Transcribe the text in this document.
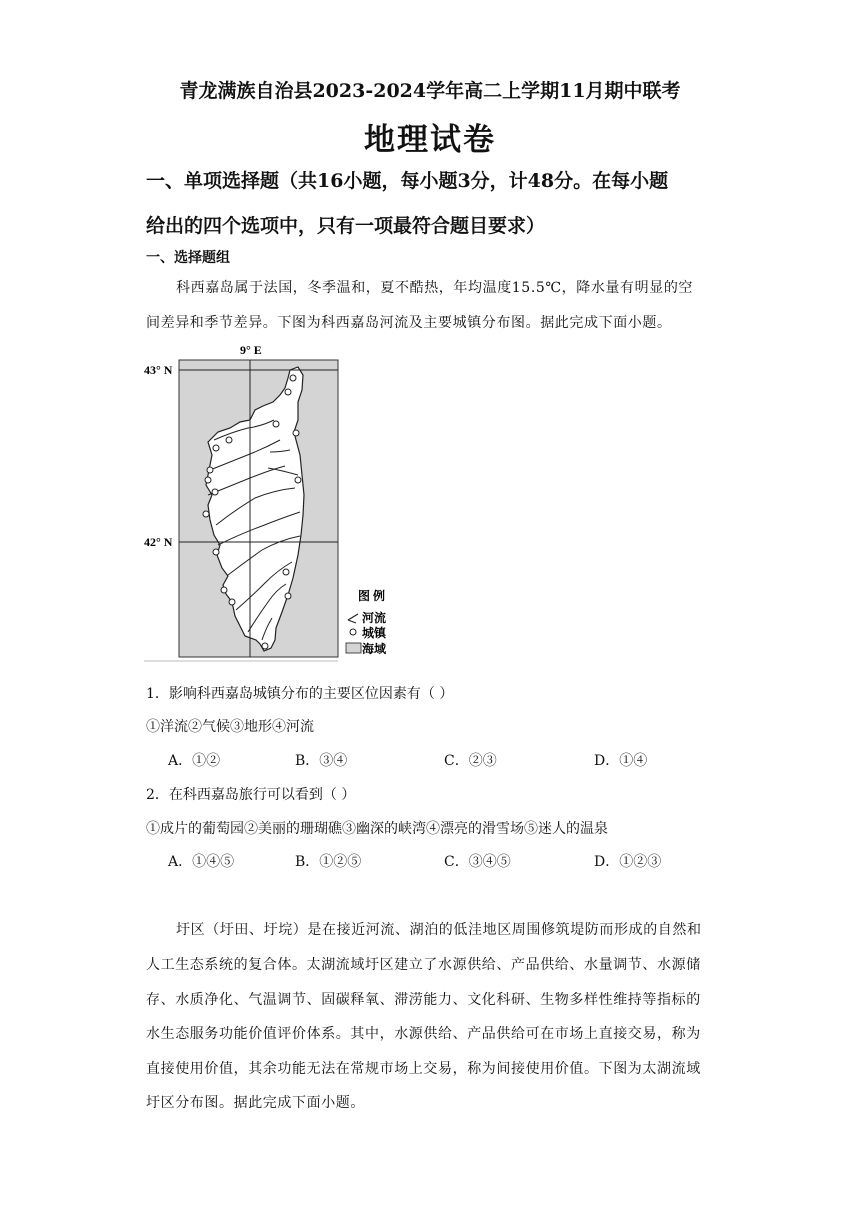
青龙满族自治县2023-2024学年高二上学期11月期中联考
地理试卷
一、单项选择题（共16小题，每小题3分，计48分。在每小题
给出的四个选项中，只有一项最符合题目要求）
一、选择题组
科西嘉岛属于法国，冬季温和，夏不酷热，年均温度15.5℃，降水量有明显的空
间差异和季节差异。下图为科西嘉岛河流及主要城镇分布图。据此完成下面小题。
9° E
43° N
42° N
图 例
河流
城镇
海域
1．影响科西嘉岛城镇分布的主要区位因素有（ ）
①洋流②气候③地形④河流
A．①②	B．③④	C．②③	D．①④
2．在科西嘉岛旅行可以看到（ ）
①成片的葡萄园②美丽的珊瑚礁③幽深的峡湾④漂亮的滑雪场⑤迷人的温泉
A．①④⑤	B．①②⑤	C．③④⑤	D．①②③
圩区（圩田、圩垸）是在接近河流、湖泊的低洼地区周围修筑堤防而形成的自然和
人工生态系统的复合体。太湖流域圩区建立了水源供给、产品供给、水量调节、水源储
存、水质净化、气温调节、固碳释氧、滞涝能力、文化科研、生物多样性维持等指标的
水生态服务功能价值评价体系。其中，水源供给、产品供给可在市场上直接交易，称为
直接使用价值，其余功能无法在常规市场上交易，称为间接使用价值。下图为太湖流域
圩区分布图。据此完成下面小题。
